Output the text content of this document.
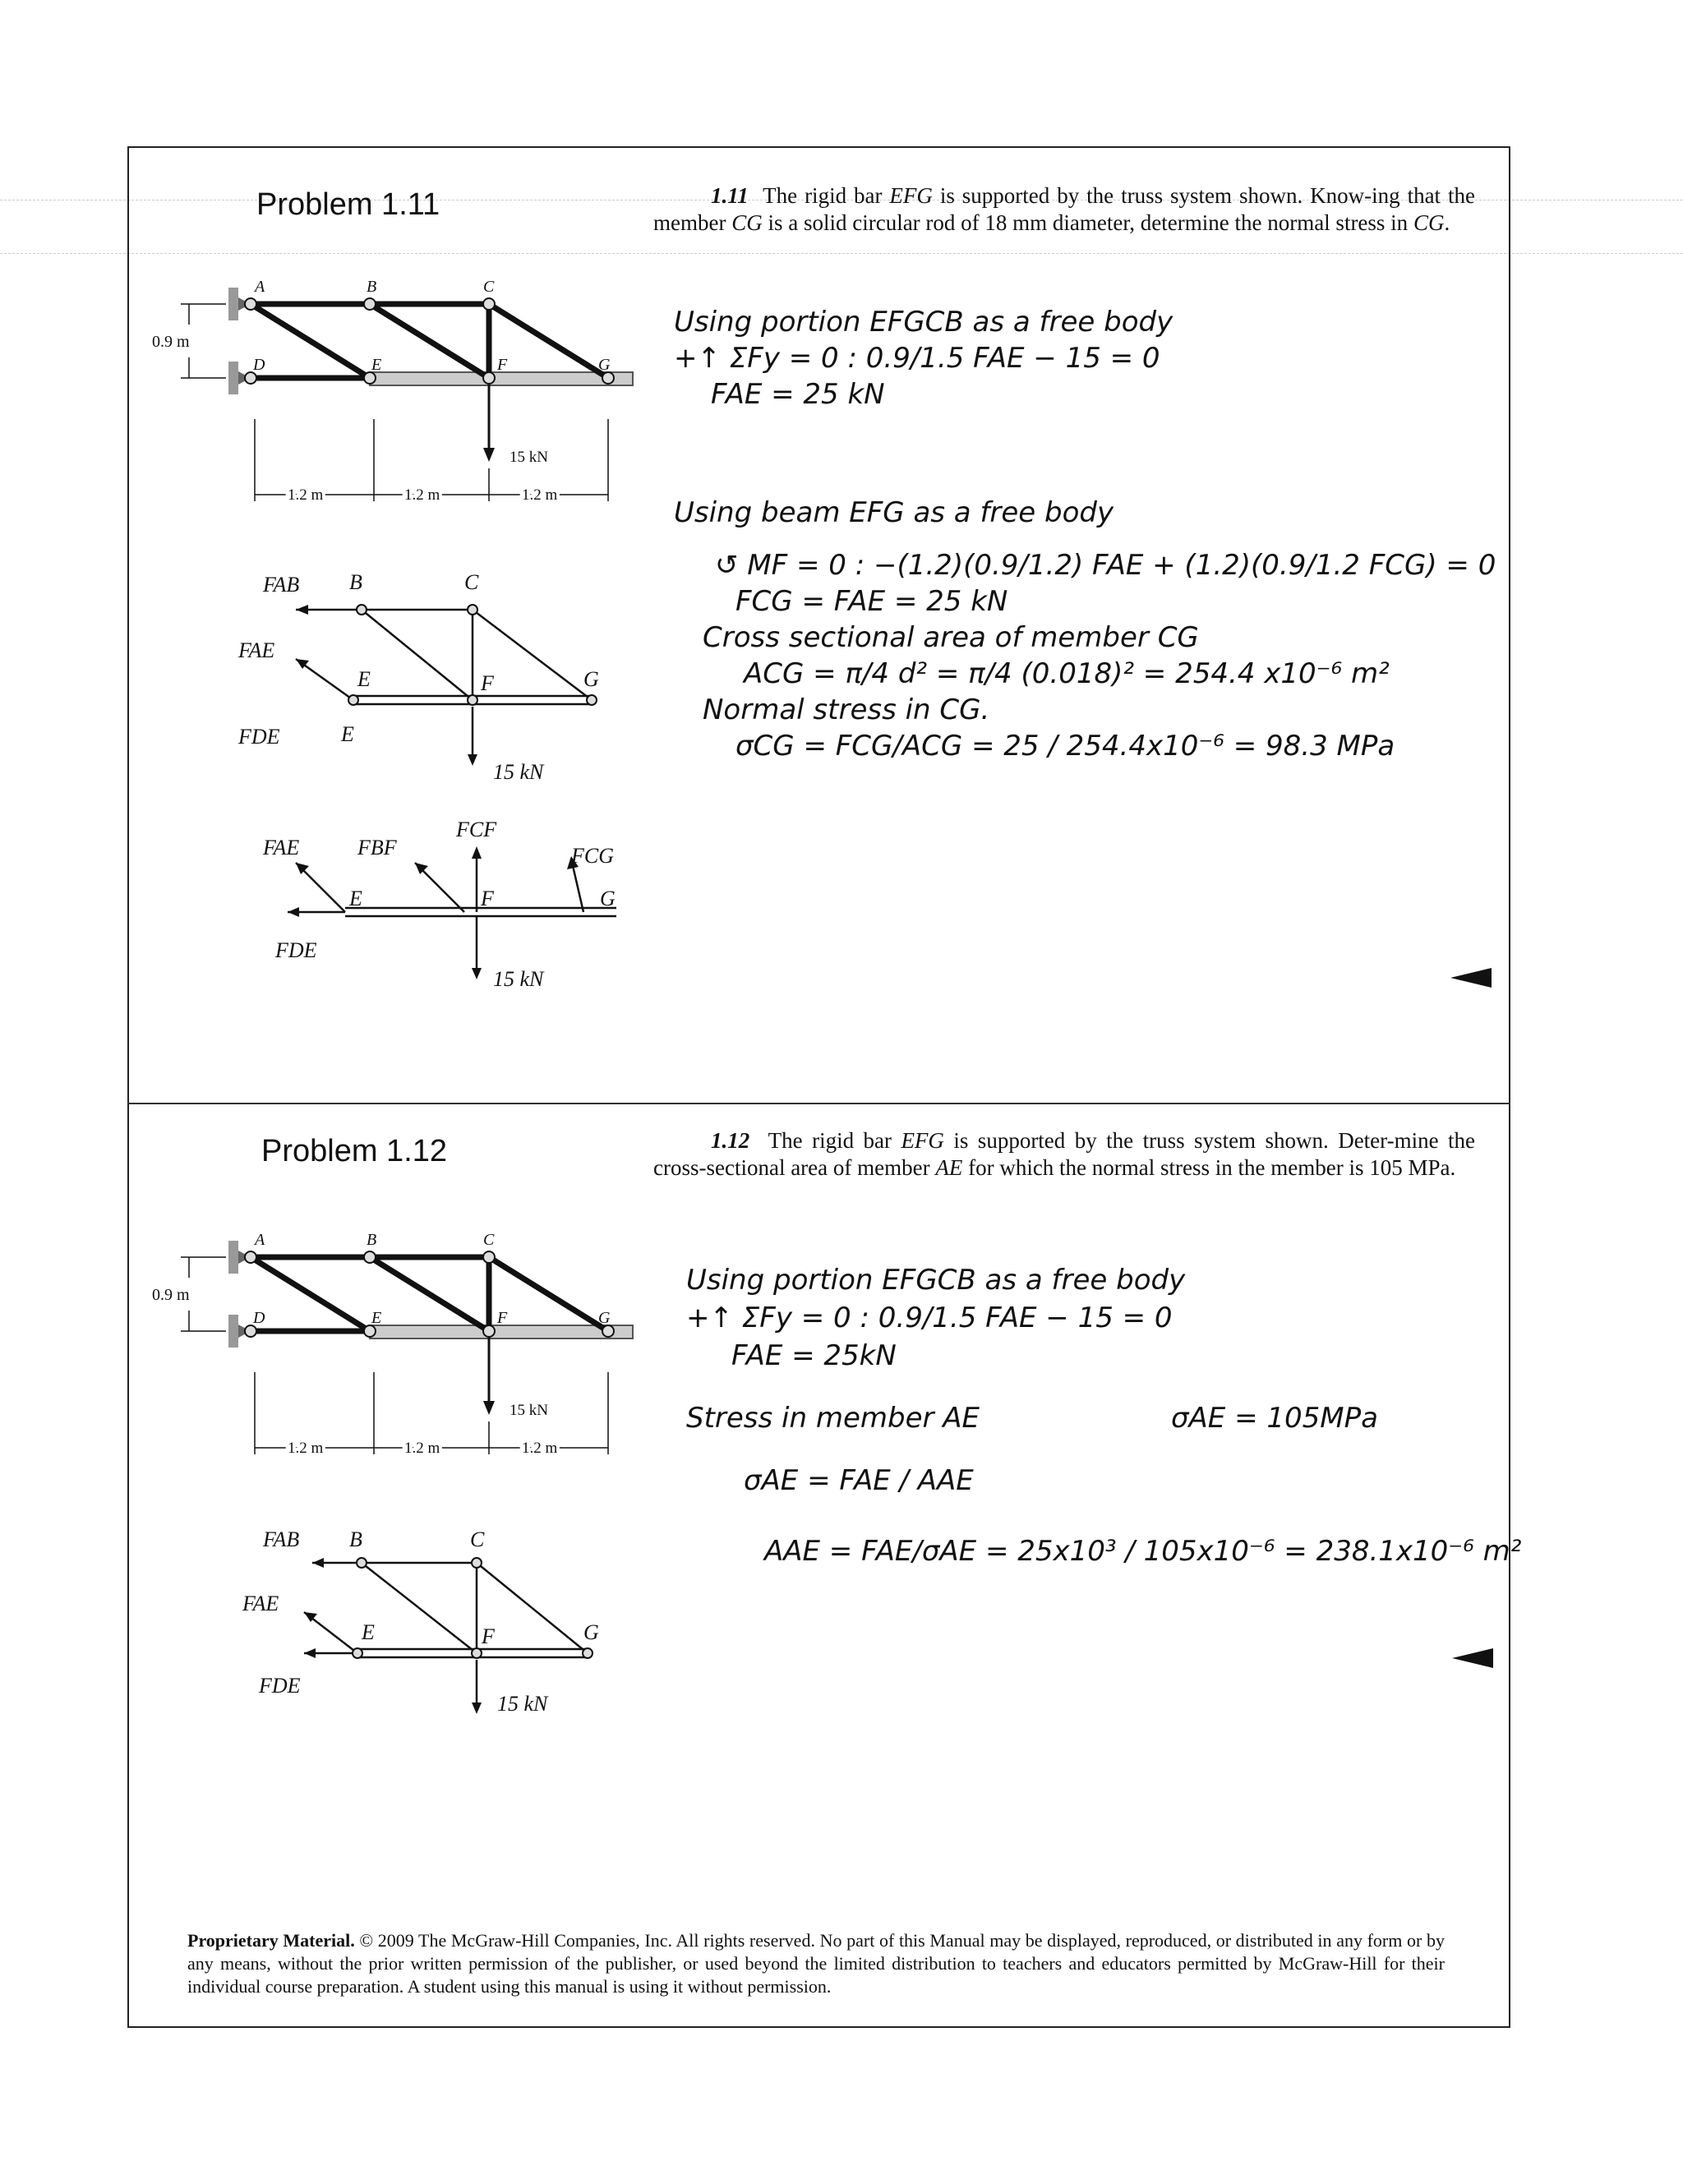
Problem 1.11	1.11 The rigid bar EFG is supported by the truss system shown. Know-ing that the member CG is a solid circular rod of 18 mm diameter, determine the normal stress in CG.
A	B	C
D	E	F	G
0.9 m
15 kN
1.2 m	1.2 m	1.2 m
FAB B	C
FAE
E	F	G
FDE	E
15 kN
FAE	FBF
FCF
FCG
E	F	G
FDE
15 kN
Using portion EFGCB as a free body
+↑ ΣFy = 0 : 0.9/1.5 FAE − 15 = 0
FAE = 25 kN
Using beam EFG as a free body
↺ MF = 0 : −(1.2)(0.9/1.2) FAE + (1.2)(0.9/1.2 FCG) = 0
FCG = FAE = 25 kN
Cross sectional area of member CG
ACG = π/4 d² = π/4 (0.018)² = 254.4 x10⁻⁶ m²
Normal stress in CG.
σCG = FCG/ACG = 25 / 254.4x10⁻⁶ = 98.3 MPa
Problem 1.12	1.12 The rigid bar EFG is supported by the truss system shown. Deter-mine the cross-sectional area of member AE for which the normal stress in the member is 105 MPa.
A	B	C
D	E	F	G
0.9 m
15 kN
1.2 m	1.2 m	1.2 m
FAB B	C
FAE
E	F	G
FDE
15 kN
Using portion EFGCB as a free body
+↑ ΣFy = 0 : 0.9/1.5 FAE − 15 = 0
FAE = 25kN
Stress in member AE	σAE = 105MPa
σAE = FAE / AAE
AAE = FAE/σAE = 25x10³ / 105x10⁻⁶ = 238.1x10⁻⁶ m²
Proprietary Material. © 2009 The McGraw-Hill Companies, Inc. All rights reserved. No part of this Manual may be displayed, reproduced, or distributed in any form or by any means, without the prior written permission of the publisher, or used beyond the limited distribution to teachers and educators permitted by McGraw-Hill for their individual course preparation. A student using this manual is using it without permission.
